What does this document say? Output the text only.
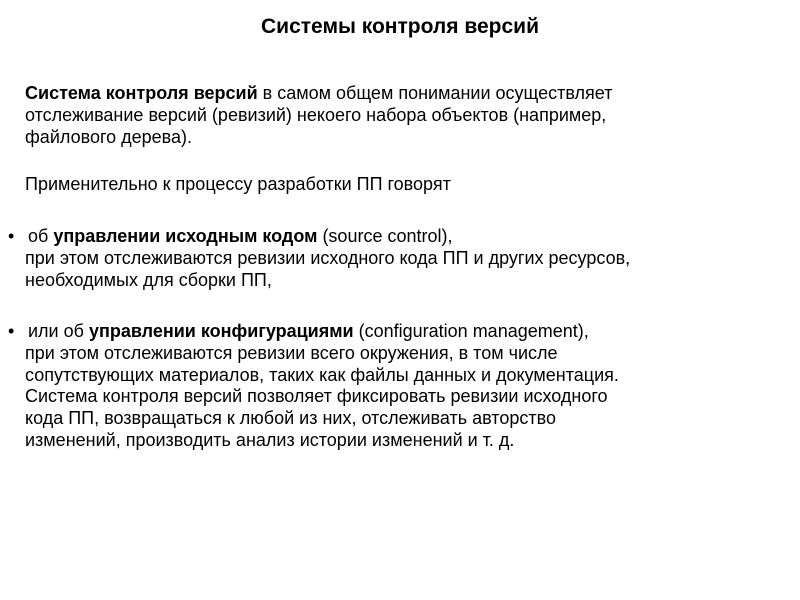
Системы контроля версий
Система контроля версий в самом общем понимании осуществляет
отслеживание версий (ревизий) некоего набора объектов (например,
файлового дерева).
Применительно к процессу разработки ПП говорят
• об управлении исходным кодом (source control),
при этом отслеживаются ревизии исходного кода ПП и других ресурсов,
необходимых для сборки ПП,
• или об управлении конфигурациями (configuration management),
при этом отслеживаются ревизии всего окружения, в том числе
сопутствующих материалов, таких как файлы данных и документация.
Система контроля версий позволяет фиксировать ревизии исходного
кода ПП, возвращаться к любой из них, отслеживать авторство
изменений, производить анализ истории изменений и т. д.
